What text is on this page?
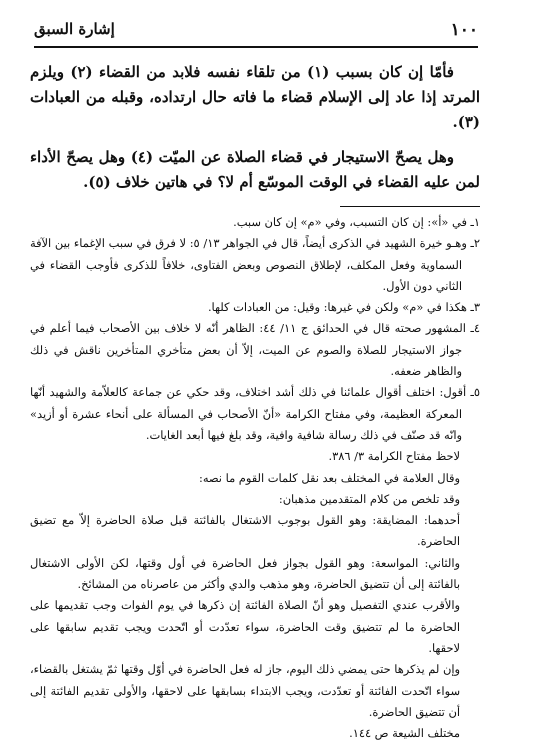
١٠٠
إشارة السبق

فأمّا إن كان بسبب (١) من تلقاء نفسه فلابد من القضاء (٢) ويلزم المرتد إذا عاد إلى الإسلام قضاء ما فاته حال ارتداده، وقبله من العبادات (٣).

وهل يصحّ الاستيجار في قضاء الصلاة عن الميّت (٤) وهل يصحّ الأداء لمن عليه القضاء في الوقت الموسّع أم لا؟ في هاتين خلاف (٥).

١ـ في «أ»: إن كان التسبب، وفي «م» إن كان سبب.

٢ـ وهـو خيرة الشهيد في الذكرى أيضاً، قال في الجواهر ١٣/ ٥: لا فرق في سبب الإغماء بين الآفة السماوية وفعل المكلف، لإطلاق النصوص وبعض الفتاوى، خلافاً للذكرى فأوجب القضاء في الثاني دون الأول.

٣ـ هكذا في «م» ولكن في غيرها: وقيل: من العبادات كلها.

٤ـ المشهور صحته قال في الحدائق ج ١١/ ٤٤: الظاهر أنّه لا خلاف بين الأصحاب فيما أعلم في جواز الاستيجار للصلاة والصوم عن الميت، إلاّ أن بعض متأخري المتأخرين ناقش في ذلك والظاهر ضعفه.

٥ـ أقول: اختلف أقوال علمائنا في ذلك أشد اختلاف، وقد حكي عن جماعة كالعلاّمة والشهيد أنّها المعركة العظيمة، وفي مفتاح الكرامة «أنّ الأصحاب في المسألة على أنحاء عشرة أو أزيد» وانّه قد صنّف في ذلك رسالة شافية وافية، وقد بلغ فيها أبعد الغايات.

لاحظ مفتاح الكرامة ٣/ ٣٨٦.

وقال العلامة في المختلف بعد نقل كلمات القوم ما نصه:

وقد تلخص من كلام المتقدمين مذهبان:

أحدهما: المضايقة: وهو القول بوجوب الاشتغال بالفائتة قبل صلاة الحاضرة إلاّ مع تضيق الحاضرة.

والثاني: المواسعة: وهو القول بجواز فعل الحاضرة في أول وقتها، لكن الأولى الاشتغال بالفائتة إلى أن تتضيق الحاضرة، وهو مذهب والدي وأكثر من عاصرناه من المشائخ.

والأقرب عندي التفصيل وهو أنّ الصلاة الفائتة إن ذكرها في يوم الفوات وجب تقديمها على الحاضرة ما لم تتضيق وقت الحاضرة، سواء تعدّدت أو اتّحدت ويجب تقديم سابقها على لاحقها.

وإن لم يذكرها حتى يمضي ذلك اليوم، جاز له فعل الحاضرة في أوّل وقتها ثمّ يشتغل بالقضاء، سواء اتّحدت الفائتة أو تعدّدت، ويجب الابتداء بسابقها على لاحقها، والأولى تقديم الفائتة إلى أن تتضيق الحاضرة.

مختلف الشيعة ص ١٤٤.
